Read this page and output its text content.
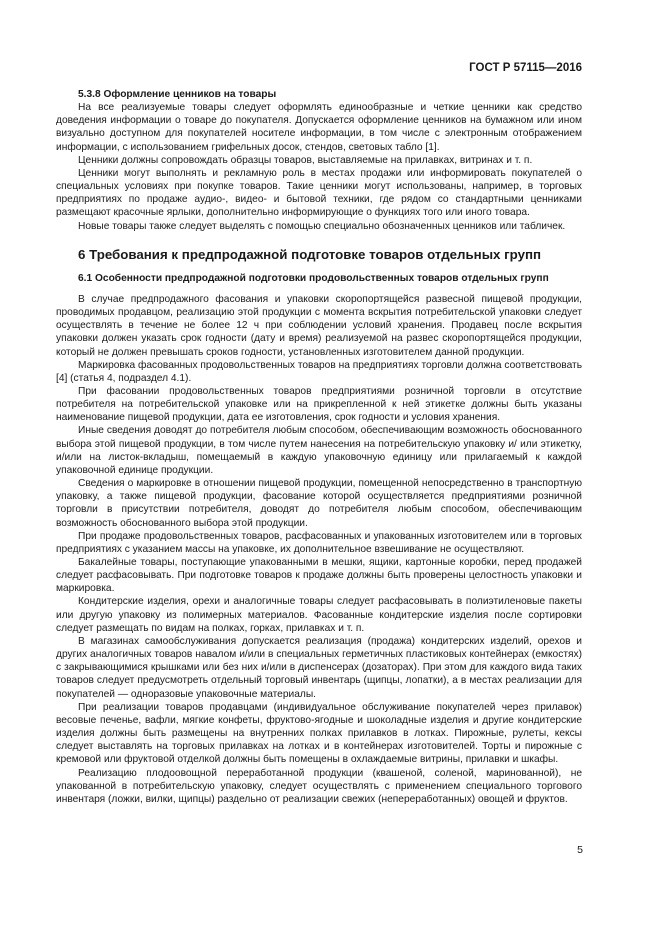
ГОСТ Р 57115—2016

5.3.8 Оформление ценников на товары

На все реализуемые товары следует оформлять единообразные и четкие ценники как средство доведения информации о товаре до покупателя. Допускается оформление ценников на бумажном или ином визуально доступном для покупателей носителе информации, в том числе с электронным отображением информации, с использованием грифельных досок, стендов, световых табло [1].

Ценники должны сопровождать образцы товаров, выставляемые на прилавках, витринах и т. п.

Ценники могут выполнять и рекламную роль в местах продажи или информировать покупателей о специальных условиях при покупке товаров. Такие ценники могут использованы, например, в торговых предприятиях по продаже аудио-, видео- и бытовой техники, где рядом со стандартными ценниками размещают красочные ярлыки, дополнительно информирующие о функциях того или иного товара.

Новые товары также следует выделять с помощью специально обозначенных ценников или табличек.

6 Требования к предпродажной подготовке товаров отдельных групп
6.1 Особенности предпродажной подготовки продовольственных товаров отдельных групп

В случае предпродажного фасования и упаковки скоропортящейся развесной пищевой продукции, проводимых продавцом, реализацию этой продукции с момента вскрытия потребительской упаковки следует осуществлять в течение не более 12 ч при соблюдении условий хранения. Продавец после вскрытия упаковки должен указать срок годности (дату и время) реализуемой на развес скоропортящейся продукции, который не должен превышать сроков годности, установленных изготовителем данной продукции.

Маркировка фасованных продовольственных товаров на предприятиях торговли должна соответствовать [4] (статья 4, подраздел 4.1).

При фасовании продовольственных товаров предприятиями розничной торговли в отсутствие потребителя на потребительской упаковке или на прикрепленной к ней этикетке должны быть указаны наименование пищевой продукции, дата ее изготовления, срок годности и условия хранения.

Иные сведения доводят до потребителя любым способом, обеспечивающим возможность обоснованного выбора этой пищевой продукции, в том числе путем нанесения на потребительскую упаковку и/ или этикетку, и/или на листок-вкладыш, помещаемый в каждую упаковочную единицу или прилагаемый к каждой упаковочной единице продукции.

Сведения о маркировке в отношении пищевой продукции, помещенной непосредственно в транспортную упаковку, а также пищевой продукции, фасование которой осуществляется предприятиями розничной торговли в присутствии потребителя, доводят до потребителя любым способом, обеспечивающим возможность обоснованного выбора этой продукции.

При продаже продовольственных товаров, расфасованных и упакованных изготовителем или в торговых предприятиях с указанием массы на упаковке, их дополнительное взвешивание не осуществляют.

Бакалейные товары, поступающие упакованными в мешки, ящики, картонные коробки, перед продажей следует расфасовывать. При подготовке товаров к продаже должны быть проверены целостность упаковки и маркировка.

Кондитерские изделия, орехи и аналогичные товары следует расфасовывать в полиэтиленовые пакеты или другую упаковку из полимерных материалов. Фасованные кондитерские изделия после сортировки следует размещать по видам на полках, горках, прилавках и т. п.

В магазинах самообслуживания допускается реализация (продажа) кондитерских изделий, орехов и других аналогичных товаров навалом и/или в специальных герметичных пластиковых контейнерах (емкостях) с закрывающимися крышками или без них и/или в диспенсерах (дозаторах). При этом для каждого вида таких товаров следует предусмотреть отдельный торговый инвентарь (щипцы, лопатки), а в местах реализации для покупателей — одноразовые упаковочные материалы.

При реализации товаров продавцами (индивидуальное обслуживание покупателей через прилавок) весовые печенье, вафли, мягкие конфеты, фруктово-ягодные и шоколадные изделия и другие кондитерские изделия должны быть размещены на внутренних полках прилавков в лотках. Пирожные, рулеты, кексы следует выставлять на торговых прилавках на лотках и в контейнерах изготовителей. Торты и пирожные с кремовой или фруктовой отделкой должны быть помещены в охлаждаемые витрины, прилавки и шкафы.

Реализацию плодоовощной переработанной продукции (квашеной, соленой, маринованной), не упакованной в потребительскую упаковку, следует осуществлять с применением специального торгового инвентаря (ложки, вилки, щипцы) раздельно от реализации свежих (непереработанных) овощей и фруктов.

5
